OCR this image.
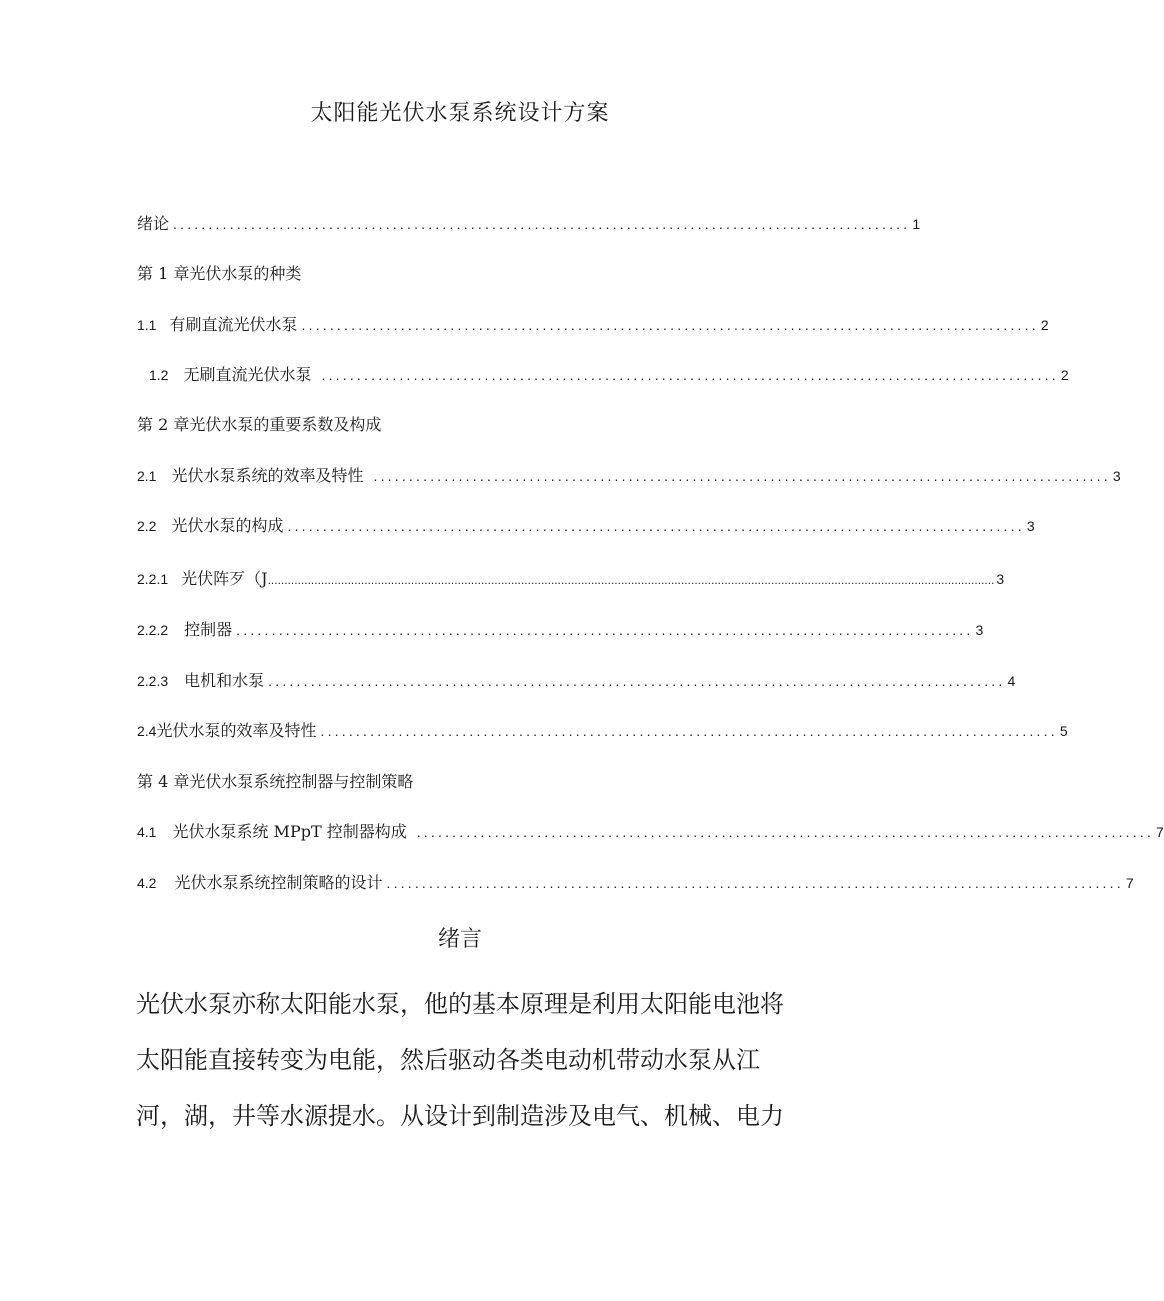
太阳能光伏水泵系统设计方案
绪论 ........................................................................................................ 1
第 1 章光伏水泵的种类
1.1 有刷直流光伏水泵 ........................................................................................................ 2
1.2 无刷直流光伏水泵 ........................................................................................................ 2
第 2 章光伏水泵的重要系数及构成
2.1 光伏水泵系统的效率及特性 ........................................................................................................ 3
2.2 光伏水泵的构成 ........................................................................................................ 3
2.2.1 光伏阵歹（J .......................................................................................................................................................................................................................... 3
2.2.2 控制器 ........................................................................................................ 3
2.2.3 电机和水泵 ........................................................................................................ 4
2.4 光伏水泵的效率及特性 ........................................................................................................ 5
第 4 章光伏水泵系统控制器与控制策略
4.1 光伏水泵系统 MPpT 控制器构成 ........................................................................................................ 7
4.2 光伏水泵系统控制策略的设计 ........................................................................................................ 7
绪言
光伏水泵亦称太阳能水泵，他的基本原理是利用太阳能电池将
太阳能直接转变为电能，然后驱动各类电动机带动水泵从江
河，湖，井等水源提水。从设计到制造涉及电气、机械、电力
